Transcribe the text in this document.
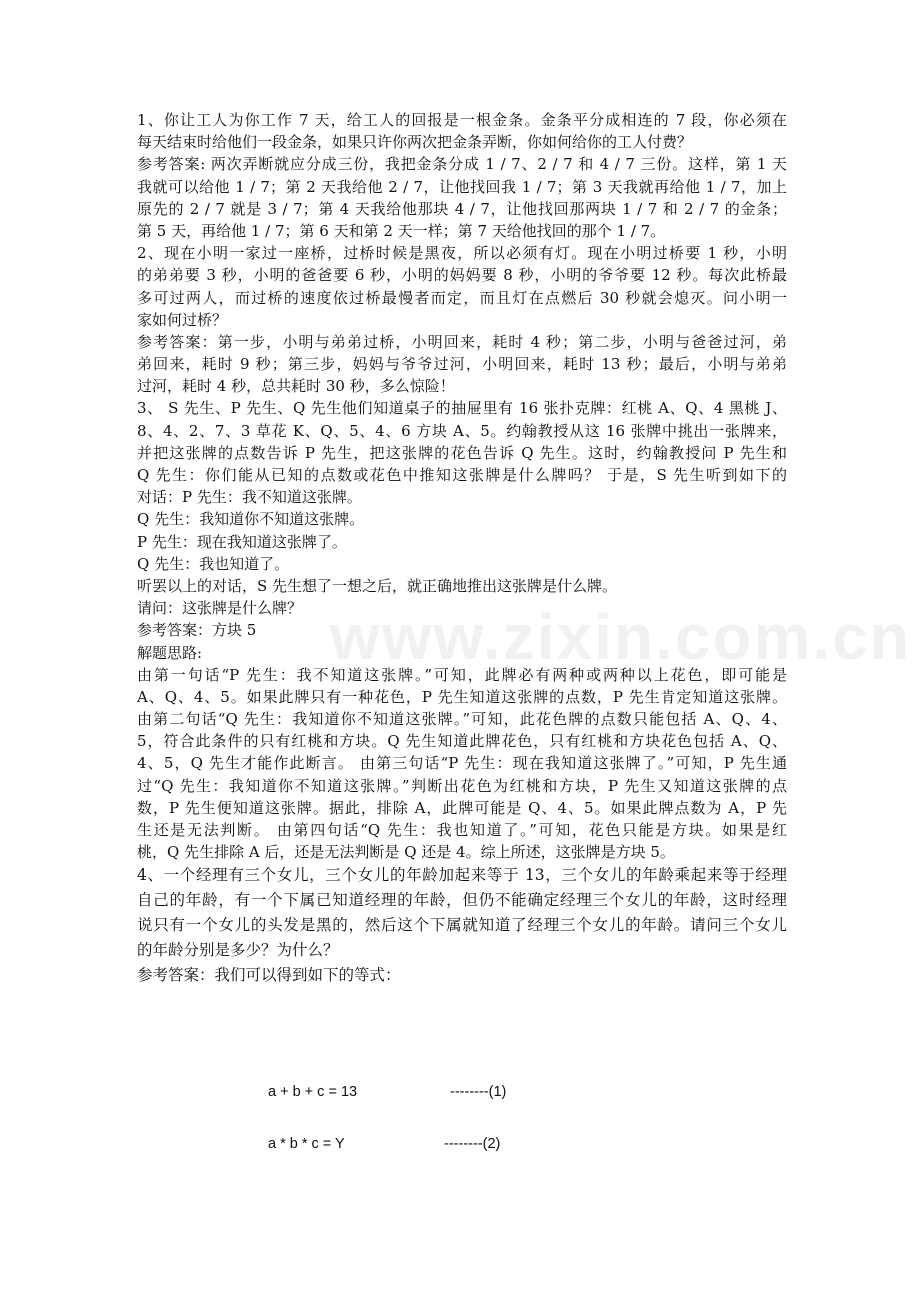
www.zixin.com.cn
1、你让工人为你工作 7 天，给工人的回报是一根金条。金条平分成相连的 7 段，你必须在
每天结束时给他们一段金条，如果只许你两次把金条弄断，你如何给你的工人付费？
参考答案: 两次弄断就应分成三份，我把金条分成 1 / 7、2 / 7 和 4 / 7 三份。这样，第 1 天
我就可以给他 1 / 7；第 2 天我给他 2 / 7，让他找回我 1 / 7；第 3 天我就再给他 1 / 7，加上
原先的 2 / 7 就是 3 / 7；第 4 天我给他那块 4 / 7，让他找回那两块 1 / 7 和 2 / 7 的金条；
第 5 天，再给他 1 / 7；第 6 天和第 2 天一样；第 7 天给他找回的那个 1 / 7。
2、现在小明一家过一座桥，过桥时候是黑夜，所以必须有灯。现在小明过桥要 1 秒，小明
的弟弟要 3 秒，小明的爸爸要 6 秒，小明的妈妈要 8 秒，小明的爷爷要 12 秒。每次此桥最
多可过两人，而过桥的速度依过桥最慢者而定，而且灯在点燃后 30 秒就会熄灭。问小明一
家如何过桥？
参考答案：第一步，小明与弟弟过桥，小明回来，耗时 4 秒；第二步，小明与爸爸过河，弟
弟回来，耗时 9 秒；第三步，妈妈与爷爷过河，小明回来，耗时 13 秒；最后，小明与弟弟
过河，耗时 4 秒，总共耗时 30 秒，多么惊险！
3、 S 先生、P 先生、Q 先生他们知道桌子的抽屉里有 16 张扑克牌：红桃 A、Q、4 黑桃 J、
8、4、2、7、3 草花 K、Q、5、4、6 方块 A、5。约翰教授从这 16 张牌中挑出一张牌来，
并把这张牌的点数告诉 P 先生，把这张牌的花色告诉 Q 先生。这时，约翰教授问 P 先生和
Q 先生：你们能从已知的点数或花色中推知这张牌是什么牌吗？ 于是，S 先生听到如下的
对话：P 先生：我不知道这张牌。
Q 先生：我知道你不知道这张牌。
P 先生：现在我知道这张牌了。
Q 先生：我也知道了。
听罢以上的对话，S 先生想了一想之后，就正确地推出这张牌是什么牌。
请问：这张牌是什么牌？
参考答案：方块 5
解题思路:
由第一句话“P 先生：我不知道这张牌。”可知，此牌必有两种或两种以上花色，即可能是
A、Q、4、5。如果此牌只有一种花色，P 先生知道这张牌的点数，P 先生肯定知道这张牌。
由第二句话“Q 先生：我知道你不知道这张牌。”可知，此花色牌的点数只能包括 A、Q、4、
5，符合此条件的只有红桃和方块。Q 先生知道此牌花色，只有红桃和方块花色包括 A、Q、
4、5，Q 先生才能作此断言。 由第三句话“P 先生：现在我知道这张牌了。”可知，P 先生通
过“Q 先生：我知道你不知道这张牌。”判断出花色为红桃和方块，P 先生又知道这张牌的点
数，P 先生便知道这张牌。据此，排除 A，此牌可能是 Q、4、5。如果此牌点数为 A，P 先
生还是无法判断。 由第四句话“Q 先生：我也知道了。”可知，花色只能是方块。如果是红
桃，Q 先生排除 A 后，还是无法判断是 Q 还是 4。综上所述，这张牌是方块 5。
4、一个经理有三个女儿，三个女儿的年龄加起来等于 13，三个女儿的年龄乘起来等于经理
自己的年龄，有一个下属已知道经理的年龄，但仍不能确定经理三个女儿的年龄，这时经理
说只有一个女儿的头发是黑的，然后这个下属就知道了经理三个女儿的年龄。请问三个女儿
的年龄分别是多少？为什么？
参考答案：我们可以得到如下的等式：
a + b + c = 13	--------(1)
a * b * c = Y	--------(2)
